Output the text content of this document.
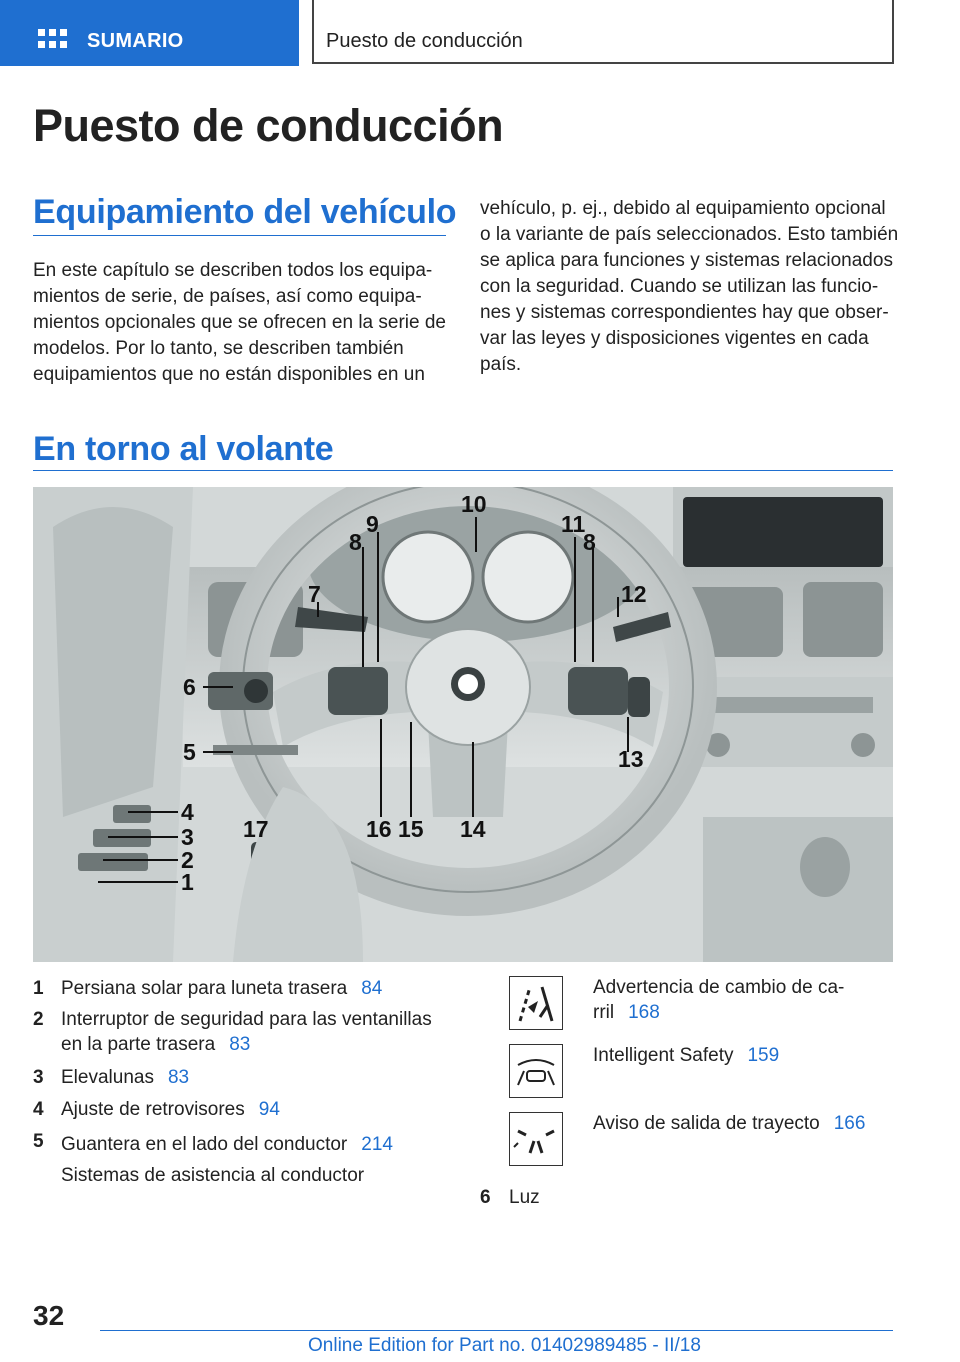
SUMARIO	Puesto de conducción
Puesto de conducción
Equipamiento del vehículo
En este capítulo se describen todos los equipa-
mientos de serie, de países, así como equipa-
mientos opcionales que se ofrecen en la serie de
modelos. Por lo tanto, se describen también
equipamientos que no están disponibles en un
vehículo, p. ej., debido al equipamiento opcional
o la variante de país seleccionados. Esto también
se aplica para funciones y sistemas relacionados
con la seguridad. Cuando se utilizan las funcio-
nes y sistemas correspondientes hay que obser-
var las leyes y disposiciones vigentes en cada
país.
En torno al volante
6
5
4
3
2
1
7
8
9
10
11
8
12
13
14
15
16
17
1 Persiana solar para luneta trasera 84
2 Interruptor de seguridad para las ventanillas
en la parte trasera 83
3 Elevalunas 83
4 Ajuste de retrovisores 94
5 Guantera en el lado del conductor 214
Sistemas de asistencia al conductor
Advertencia de cambio de ca-
rril 168
Intelligent Safety 159
Aviso de salida de trayecto 166
6 Luz
32
Online Edition for Part no. 01402989485 - II/18
